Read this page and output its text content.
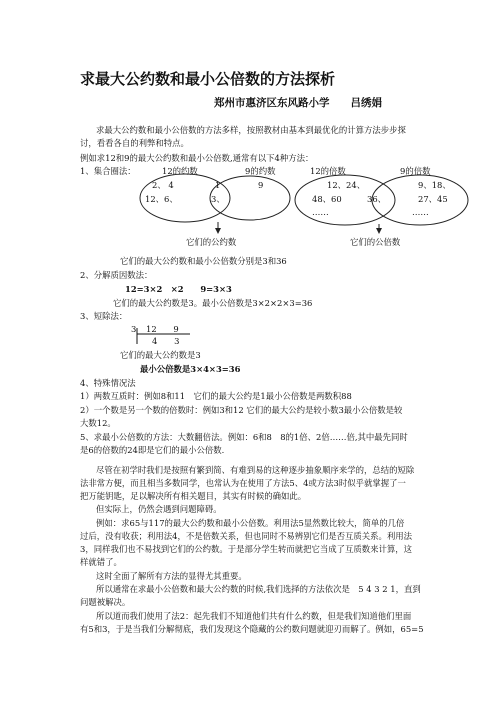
求最大公约数和最小公倍数的方法探析
郑州市惠济区东风路小学　　吕绣娟
求最大公约数和最小公倍数的方法多样，按照教材由基本到最优化的计算方法步步探
讨，看看各自的利弊和特点。
例如求12和9的最大公约数和最小公倍数,通常有以下4种方法：
1、集合圈法：	12的约数	9的约数	12的倍数	9的倍数
2、 4	1	9
12、6、	3、
12、24、	9、18、
48、60	36、	27、45
……	……
它们的公约数	它们的公倍数
它们的最大公约数和最小公倍数分别是3和36
2、分解质因数法：
12=3×2　×2　　9=3×3
它们的最大公约数是3。最小公倍数是3×2×2×3=36
3、短除法：
3 12　　9
4　　3
它们的最大公约数是3
最小公倍数是3×4×3=36
4、特殊情况法
1）两数互质时：例如8和11　它们的最大公约是1最小公倍数是两数积88
2）一个数是另一个数的倍数时：例如3和12 它们的最大公约是较小数3最小公倍数是较
大数12。
5、求最小公倍数的方法：大数翻倍法。例如：6和8　8的1倍、2倍……倍,其中最先同时
是6的倍数的24即是它们的最小公倍数.
尽管在初学时我们是按照有繁到简、有难到易的这种逐步抽象顺序来学的，总结的短除
法非常方便，而且相当多数同学，也常认为在使用了方法5、4或方法3时似乎就掌握了一
把万能钥匙，足以解决所有相关题目，其实有时候的确如此。
但实际上，仍然会遇到问题障碍。
例如：求65与117的最大公约数和最小公倍数。利用法5显然数比较大，简单的几倍
过后，没有收获；利用法4，不是倍数关系，但也同时不易辨别它们是否互质关系。利用法
3，同样我们也不易找到它们的公约数。于是部分学生转而就把它当成了互质数来计算，这
样就错了。
这时全面了解所有方法的显得尤其重要。
所以通常在求最小公倍数和最大公约数的时候,我们选择的方法依次是　5 4 3 2 1，直到
问题被解决。
所以道而我们使用了法2：起先我们不知道他们共有什么约数，但是我们知道他们里面
有5和3，于是当我们分解彻底，我们发现这个隐藏的公约数问题就迎刃而解了。例如，65=5
